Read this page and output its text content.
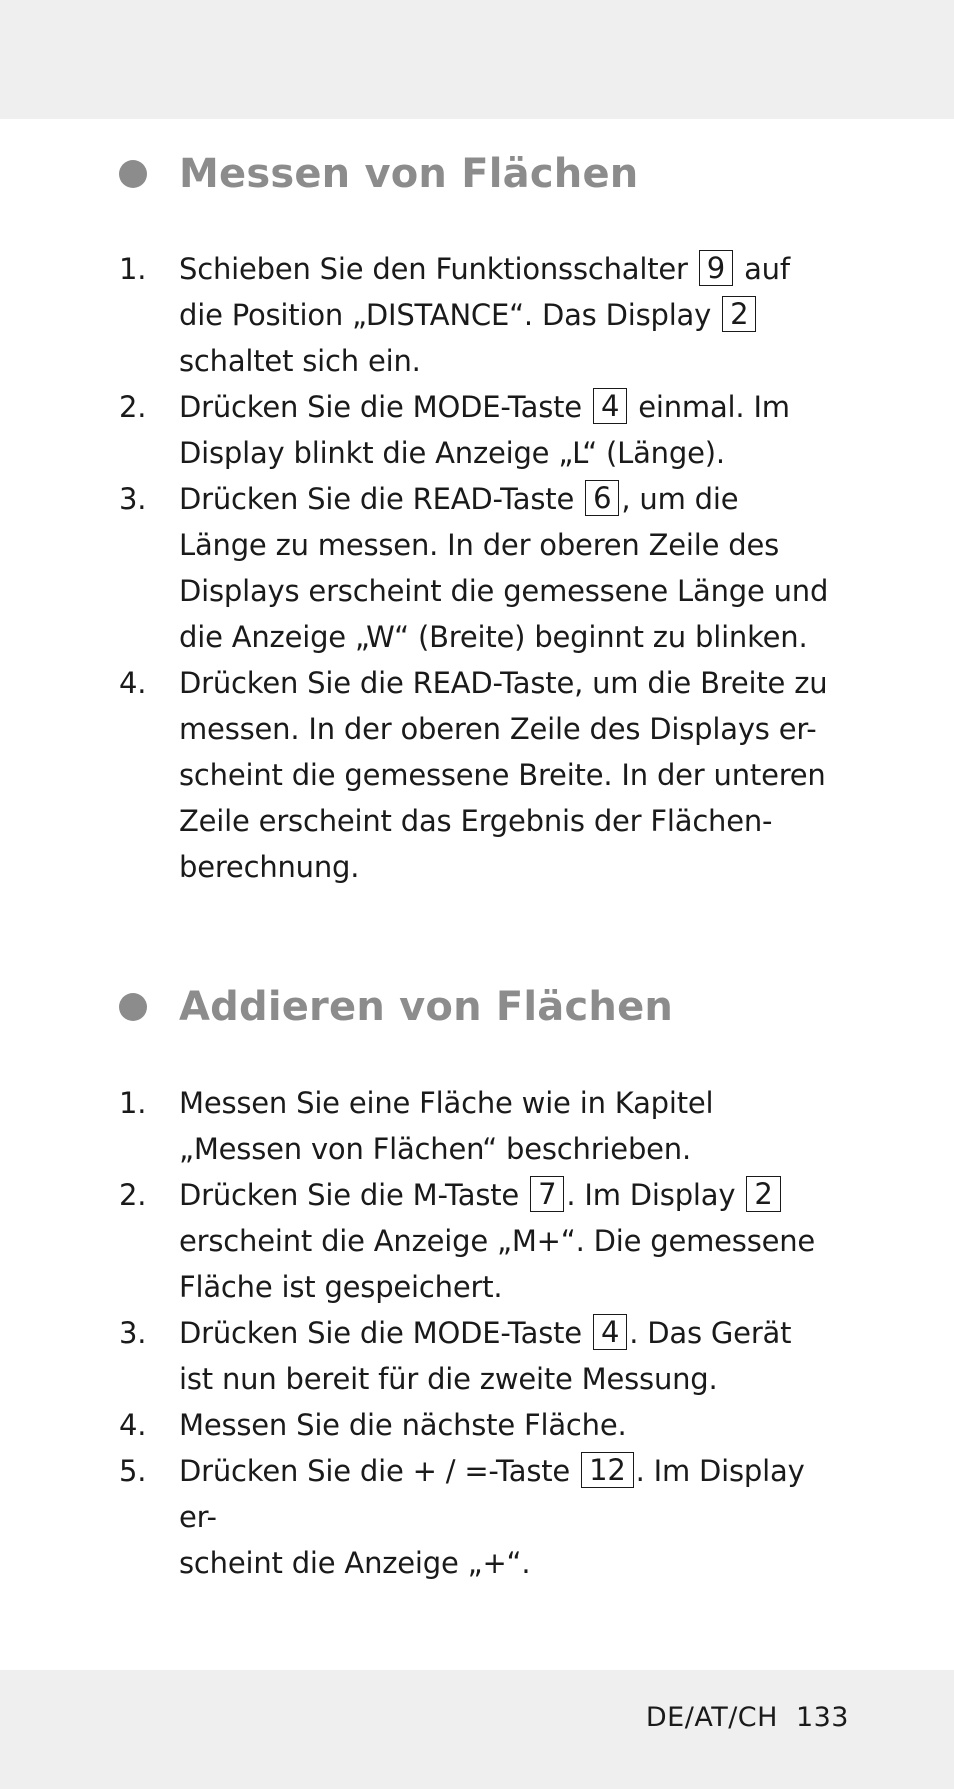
Messen von Flächen
1.	Schieben Sie den Funktionsschalter 9 auf
die Position „DISTANCE“. Das Display 2
schaltet sich ein.
2.	Drücken Sie die MODE-Taste 4 einmal. Im
Display blinkt die Anzeige „L“ (Länge).
3.	Drücken Sie die READ-Taste 6 , um die
Länge zu messen. In der oberen Zeile des
Displays erscheint die gemessene Länge und
die Anzeige „W“ (Breite) beginnt zu blinken.
4.	Drücken Sie die READ-Taste, um die Breite zu
messen. In der oberen Zeile des Displays er-
scheint die gemessene Breite. In der unteren
Zeile erscheint das Ergebnis der Flächen-
berechnung.
Addieren von Flächen
1.	Messen Sie eine Fläche wie in Kapitel
„Messen von Flächen“ beschrieben.
2.	Drücken Sie die M-Taste 7 . Im Display 2
erscheint die Anzeige „M+“. Die gemessene
Fläche ist gespeichert.
3.	Drücken Sie die MODE-Taste 4 . Das Gerät
ist nun bereit für die zweite Messung.
4.	Messen Sie die nächste Fläche.
5.	Drücken Sie die + / =-Taste 12 . Im Display er-
scheint die Anzeige „+“.
DE/AT/CH 133
